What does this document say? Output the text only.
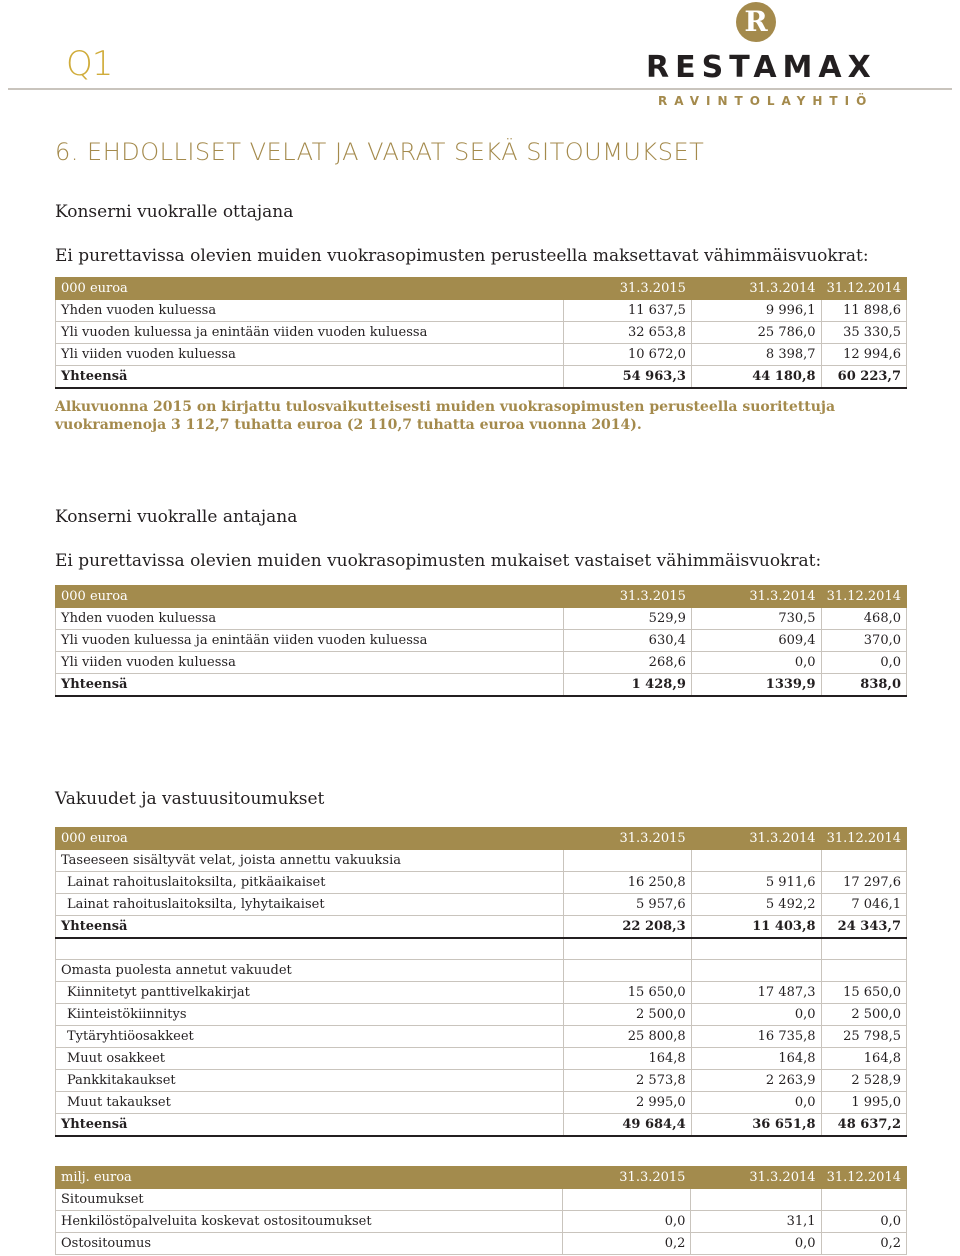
Q1
R
RESTAMAX
RAVINTOLAYHTIÖ
6. EHDOLLISET VELAT JA VARAT SEKÄ SITOUMUKSET
Konserni vuokralle ottajana
Ei purettavissa olevien muiden vuokrasopimusten perusteella maksettavat vähimmäisvuokrat:
000 euroa	31.3.2015	31.3.2014	31.12.2014
Yhden vuoden kuluessa	11 637,5	9 996,1	11 898,6
Yli vuoden kuluessa ja enintään viiden vuoden kuluessa	32 653,8	25 786,0	35 330,5
Yli viiden vuoden kuluessa	10 672,0	8 398,7	12 994,6
Yhteensä	54 963,3	44 180,8	60 223,7
Alkuvuonna 2015 on kirjattu tulosvaikutteisesti muiden vuokrasopimusten perusteella suoritettuja vuokramenoja 3 112,7 tuhatta euroa (2 110,7 tuhatta euroa vuonna 2014).
Konserni vuokralle antajana
Ei purettavissa olevien muiden vuokrasopimusten mukaiset vastaiset vähimmäisvuokrat:
000 euroa	31.3.2015	31.3.2014	31.12.2014
Yhden vuoden kuluessa	529,9	730,5	468,0
Yli vuoden kuluessa ja enintään viiden vuoden kuluessa	630,4	609,4	370,0
Yli viiden vuoden kuluessa	268,6	0,0	0,0
Yhteensä	1 428,9	1339,9	838,0
Vakuudet ja vastuusitoumukset
000 euroa	31.3.2015	31.3.2014	31.12.2014
Taseeseen sisältyvät velat, joista annettu vakuuksia			
Lainat rahoituslaitoksilta, pitkäaikaiset	16 250,8	5 911,6	17 297,6
Lainat rahoituslaitoksilta, lyhytaikaiset	5 957,6	5 492,2	7 046,1
Yhteensä	22 208,3	11 403,8	24 343,7

Omasta puolesta annetut vakuudet			
Kiinnitetyt panttivelkakirjat	15 650,0	17 487,3	15 650,0
Kiinteistökiinnitys	2 500,0	0,0	2 500,0
Tytäryhtiöosakkeet	25 800,8	16 735,8	25 798,5
Muut osakkeet	164,8	164,8	164,8
Pankkitakaukset	2 573,8	2 263,9	2 528,9
Muut takaukset	2 995,0	0,0	1 995,0
Yhteensä	49 684,4	36 651,8	48 637,2
milj. euroa	31.3.2015	31.3.2014	31.12.2014
Sitoumukset			
Henkilöstöpalveluita koskevat ostositoumukset	0,0	31,1	0,0
Ostositoumus	0,2	0,0	0,2
